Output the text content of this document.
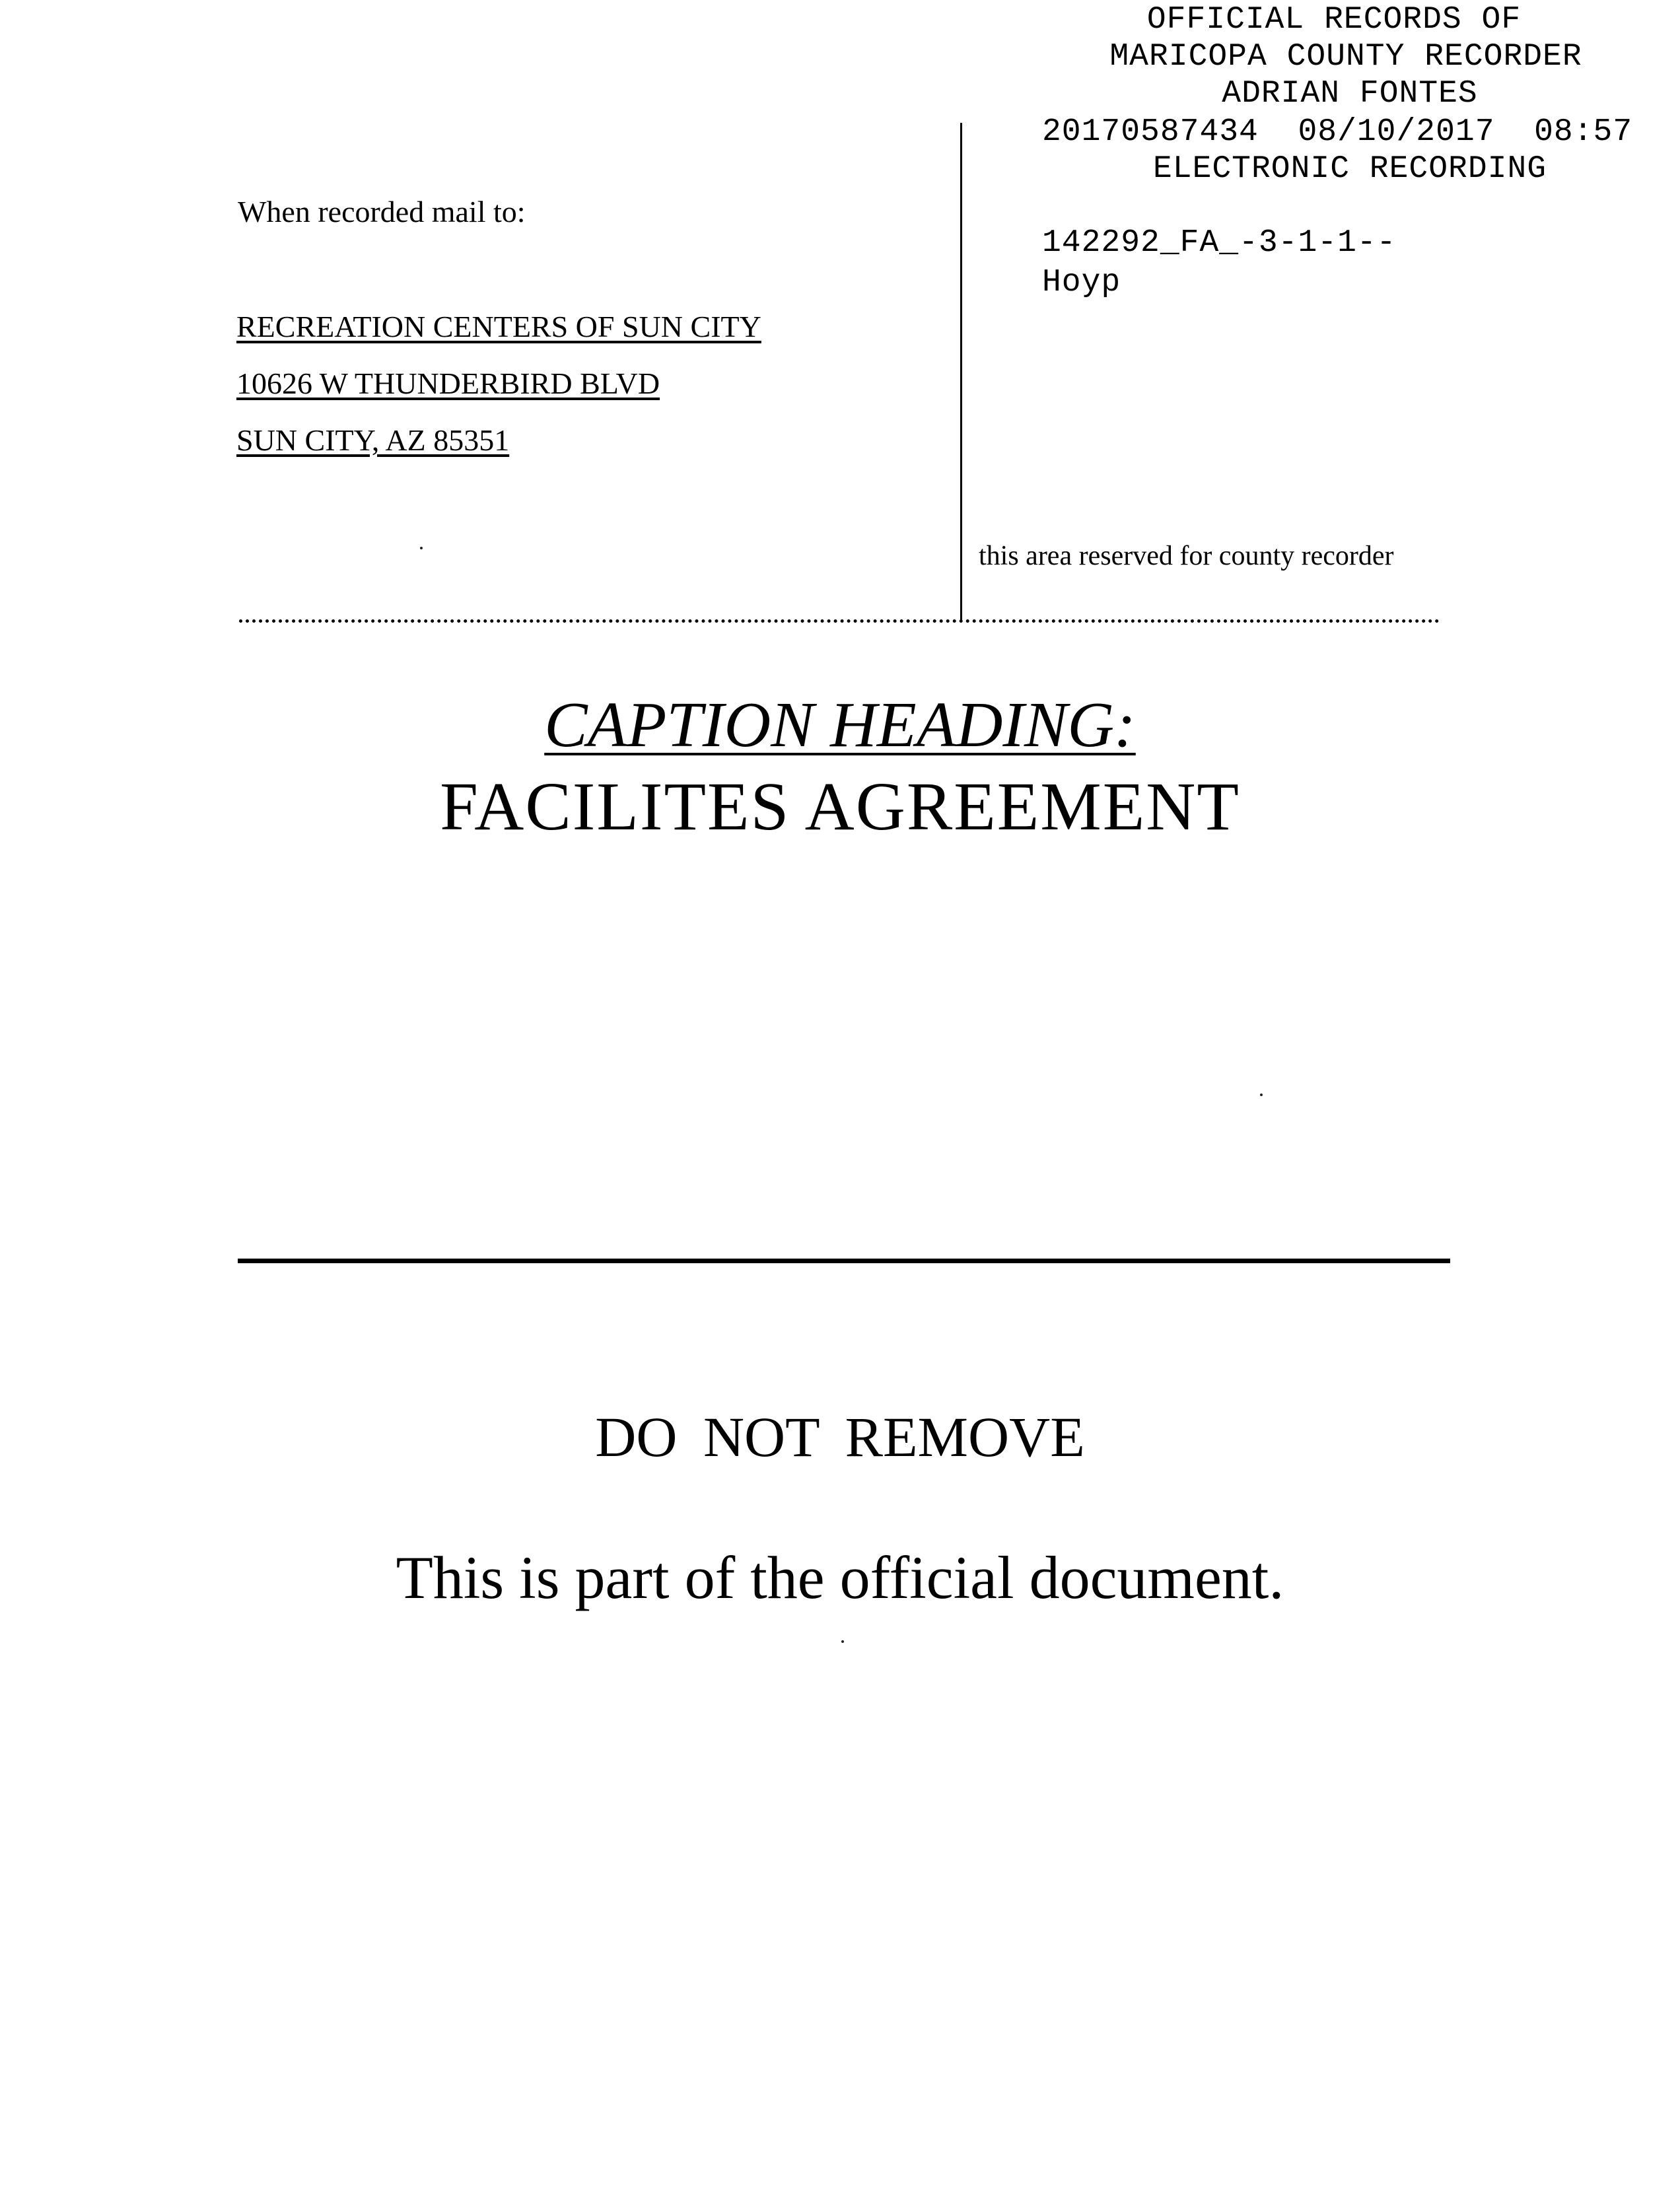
OFFICIAL RECORDS OF
MARICOPA COUNTY RECORDER
ADRIAN FONTES
20170587434  08/10/2017  08:57
ELECTRONIC RECORDING
142292_FA_-3-1-1--
Hoyp
When recorded mail to:
RECREATION CENTERS OF SUN CITY
10626 W THUNDERBIRD BLVD
SUN CITY, AZ 85351
this area reserved for county recorder
CAPTION HEADING:
FACILITES AGREEMENT
DO NOT REMOVE
This is part of the official document.
